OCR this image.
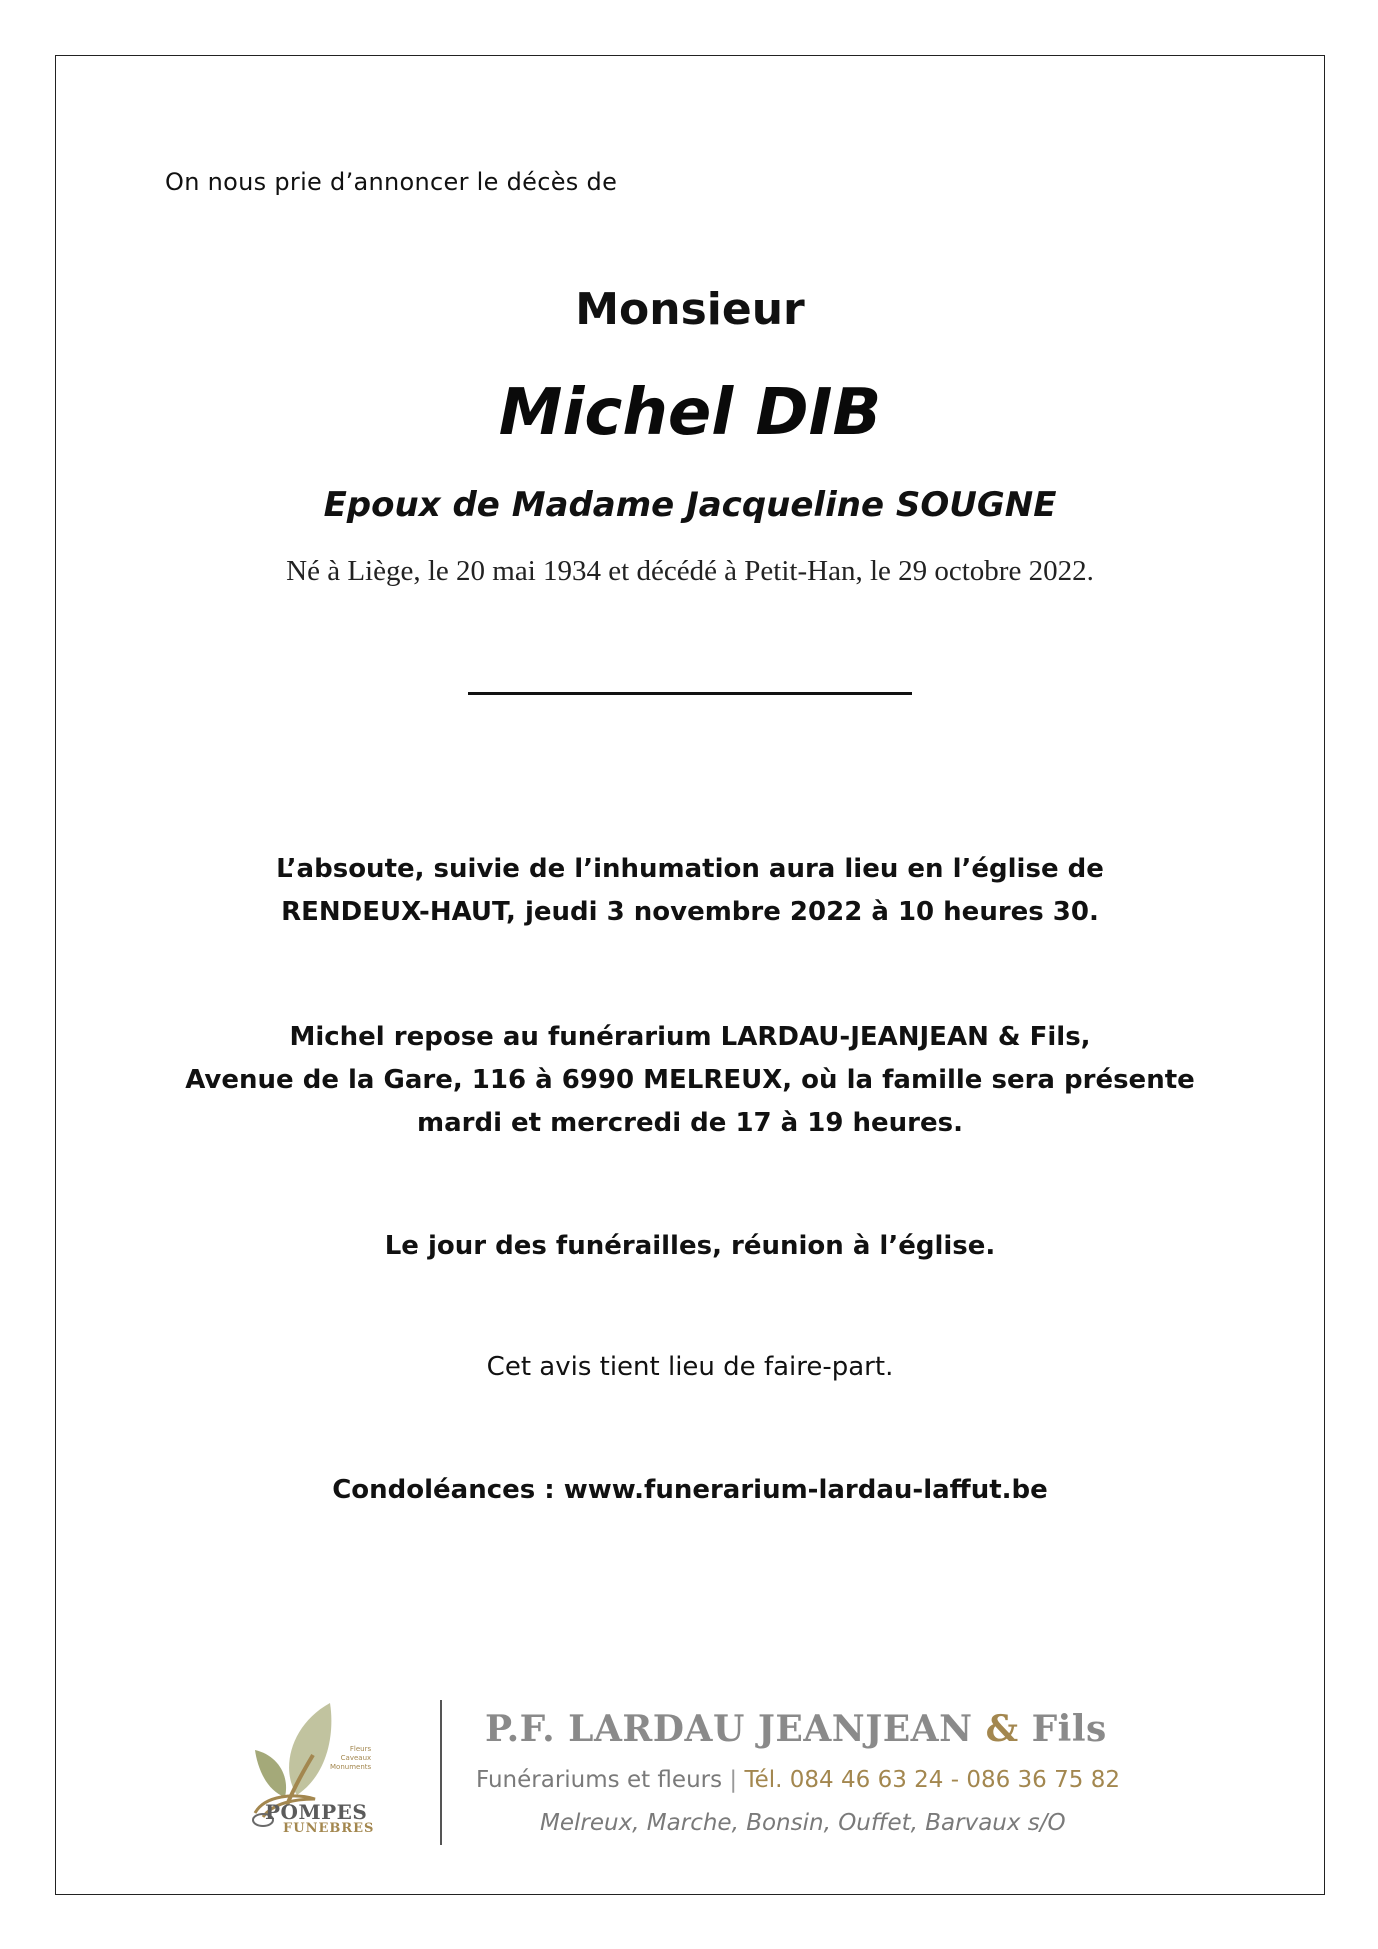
On nous prie d’annoncer le décès de
Monsieur
Michel DIB
Epoux de Madame Jacqueline SOUGNE
Né à Liège, le 20 mai 1934 et décédé à Petit-Han, le 29 octobre 2022.
L’absoute, suivie de l’inhumation aura lieu en l’église de
RENDEUX-HAUT, jeudi 3 novembre 2022 à 10 heures 30.
Michel repose au funérarium LARDAU-JEANJEAN & Fils,
Avenue de la Gare, 116 à 6990 MELREUX, où la famille sera présente
mardi et mercredi de 17 à 19 heures.
Le jour des funérailles, réunion à l’église.
Cet avis tient lieu de faire-part.
Condoléances : www.funerarium-lardau-laffut.be
Fleurs
Caveaux
Monuments
POMPES
FUNEBRES
P.F. LARDAU JEANJEAN & Fils
Funérariums et fleurs | Tél. 084 46 63 24 - 086 36 75 82
Melreux, Marche, Bonsin, Ouffet, Barvaux s/O
